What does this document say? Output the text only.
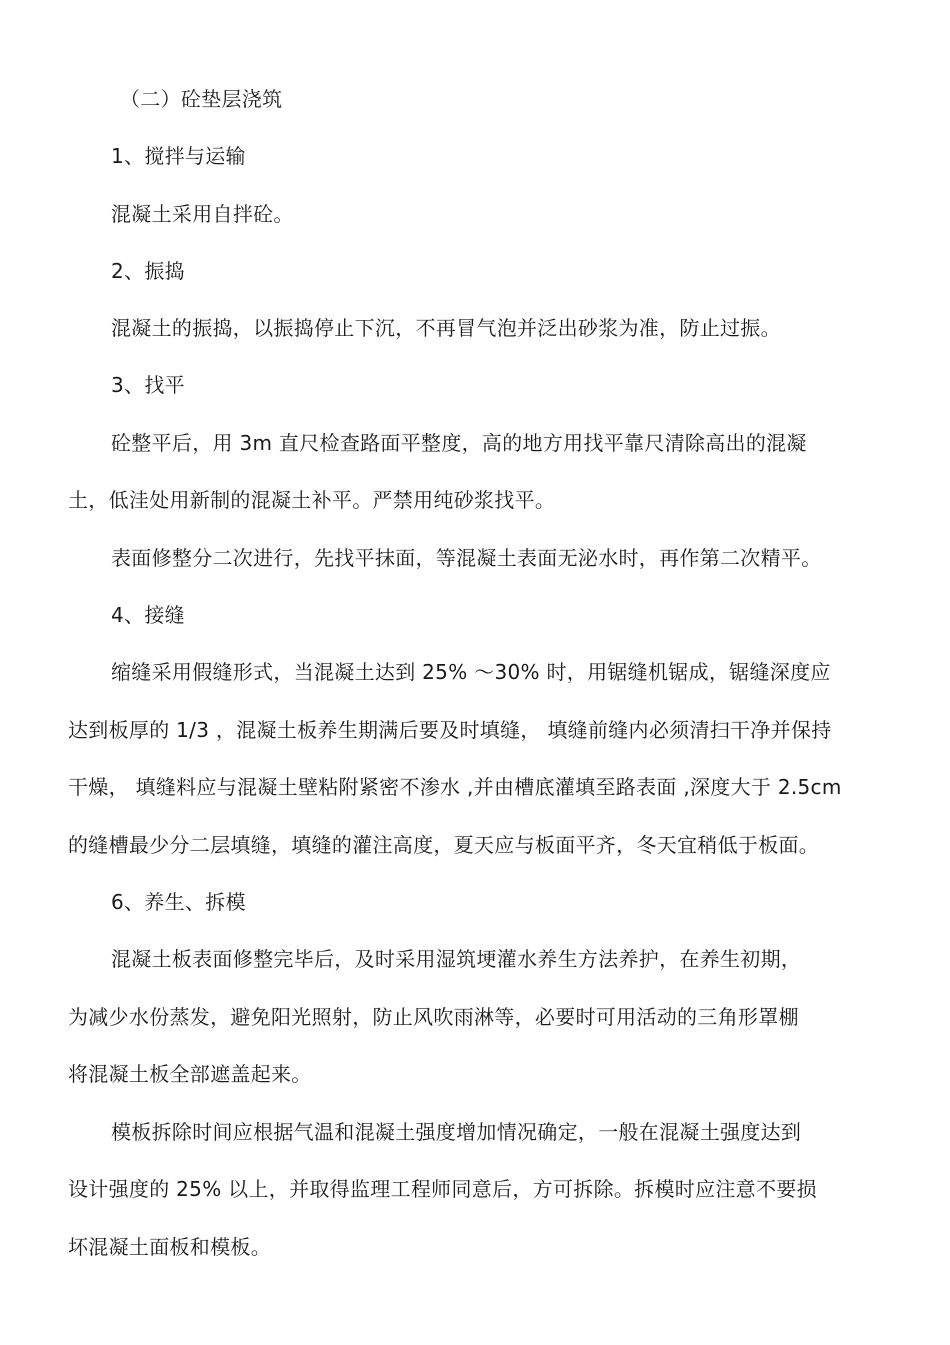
（二）砼垫层浇筑
1、搅拌与运输
混凝土采用自拌砼。
2、振捣
混凝土的振捣，以振捣停止下沉，不再冒气泡并泛出砂浆为准，防止过振。
3、找平
砼整平后，用 3m 直尺检查路面平整度，高的地方用找平靠尺清除高出的混凝
土，低洼处用新制的混凝土补平。严禁用纯砂浆找平。
表面修整分二次进行，先找平抹面，等混凝土表面无泌水时，再作第二次精平。
4、接缝
缩缝采用假缝形式，当混凝土达到 25% ～30% 时，用锯缝机锯成，锯缝深度应
达到板厚的 1/3 ，混凝土板养生期满后要及时填缝， 填缝前缝内必须清扫干净并保持
干燥， 填缝料应与混凝土壁粘附紧密不渗水 ,并由槽底灌填至路表面 ,深度大于 2.5cm
的缝槽最少分二层填缝，填缝的灌注高度，夏天应与板面平齐，冬天宜稍低于板面。
6、养生、拆模
混凝土板表面修整完毕后，及时采用湿筑埂灌水养生方法养护，在养生初期，
为减少水份蒸发，避免阳光照射，防止风吹雨淋等，必要时可用活动的三角形罩棚
将混凝土板全部遮盖起来。
模板拆除时间应根据气温和混凝土强度增加情况确定，一般在混凝土强度达到
设计强度的 25% 以上，并取得监理工程师同意后，方可拆除。拆模时应注意不要损
坏混凝土面板和模板。
